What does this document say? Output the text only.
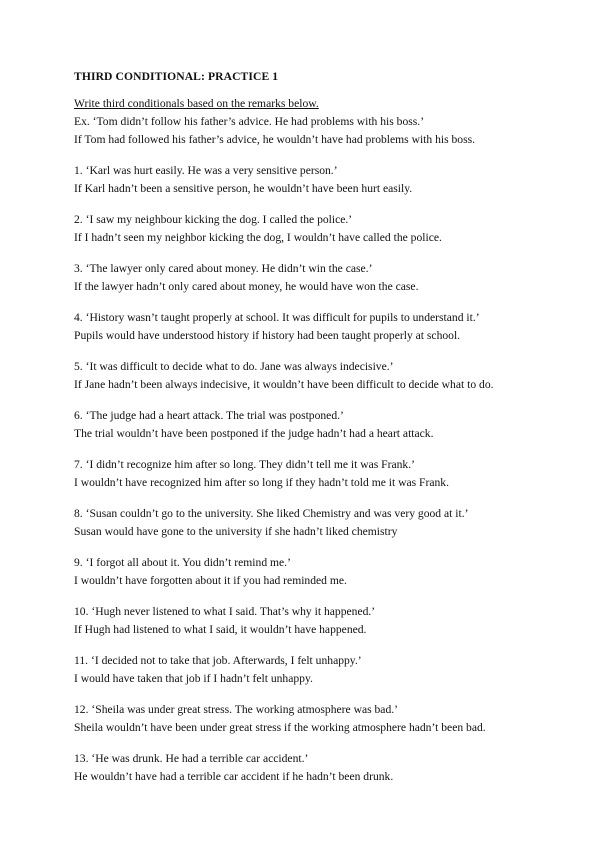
THIRD CONDITIONAL: PRACTICE 1
Write third conditionals based on the remarks below.
Ex. ‘Tom didn’t follow his father’s advice. He had problems with his boss.’
If Tom had followed his father’s advice, he wouldn’t have had problems with his boss.
1. ‘Karl was hurt easily. He was a very sensitive person.’
If Karl hadn’t been a sensitive person, he wouldn’t have been hurt easily.
2. ‘I saw my neighbour kicking the dog. I called the police.’
If I hadn’t seen my neighbor kicking the dog, I wouldn’t have called the police.
3. ‘The lawyer only cared about money. He didn’t win the case.’
If the lawyer hadn’t only cared about money, he would have won the case.
4. ‘History wasn’t taught properly at school. It was difficult for pupils to understand it.’
Pupils would have understood history if history had been taught properly at school.
5. ‘It was difficult to decide what to do. Jane was always indecisive.’
If Jane hadn’t been always indecisive, it wouldn’t have been difficult to decide what to do.
6. ‘The judge had a heart attack. The trial was postponed.’
The trial wouldn’t have been postponed if the judge hadn’t had a heart attack.
7. ‘I didn’t recognize him after so long. They didn’t tell me it was Frank.’
I wouldn’t have recognized him after so long if they hadn’t told me it was Frank.
8. ‘Susan couldn’t go to the university. She liked Chemistry and was very good at it.’
Susan would have gone to the university if she hadn’t liked chemistry
9. ‘I forgot all about it. You didn’t remind me.’
I wouldn’t have forgotten about it if you had reminded me.
10. ‘Hugh never listened to what I said. That’s why it happened.’
If Hugh had listened to what I said, it wouldn’t have happened.
11. ‘I decided not to take that job. Afterwards, I felt unhappy.’
I would have taken that job if I hadn’t felt unhappy.
12. ‘Sheila was under great stress. The working atmosphere was bad.’
Sheila wouldn’t have been under great stress if the working atmosphere hadn’t been bad.
13. ‘He was drunk. He had a terrible car accident.’
He wouldn’t have had a terrible car accident if he hadn’t been drunk.
